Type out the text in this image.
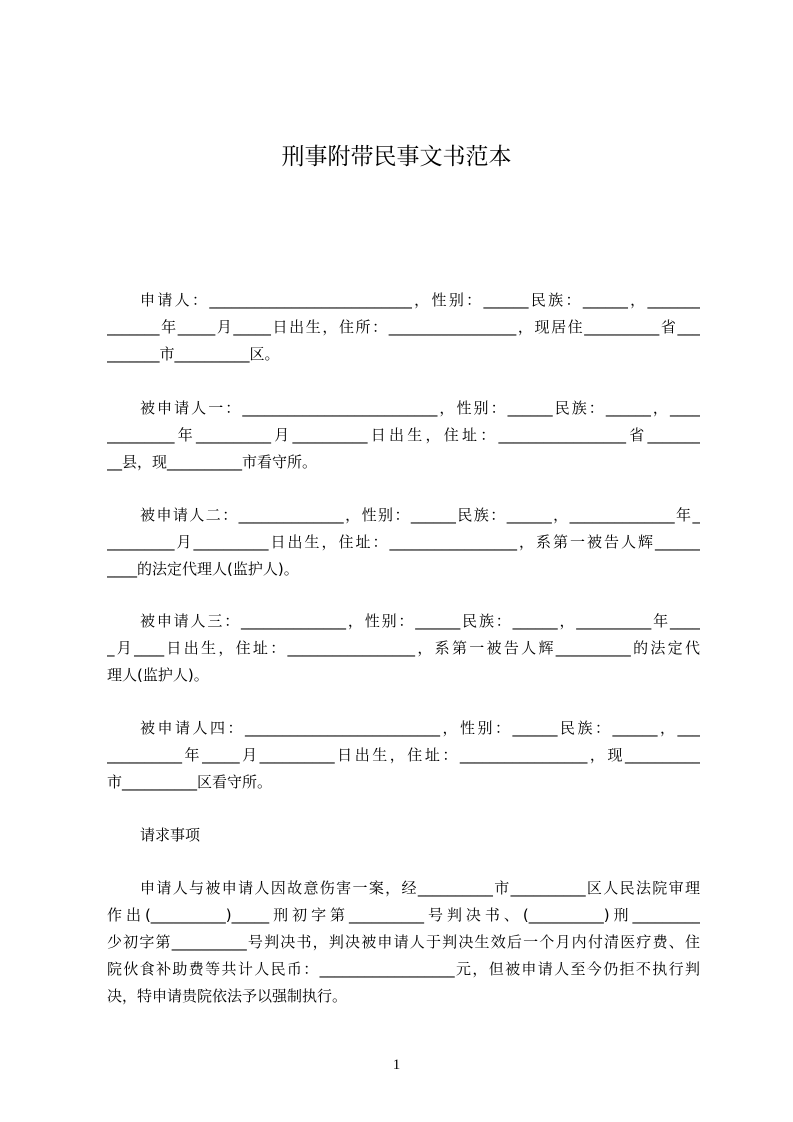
刑事附带民事文书范本
申请人：___________________________，性别：______民族：______，_______
_______年_____月_____日出生，住所：_________________，现居住__________省___
_______市__________区。
被申请人一：__________________________，性别：______民族：______，____
_________年__________月__________日出生，住址：_________________省_______
__县，现__________市看守所。
被申请人二：______________，性别：______民族：______，______________年_
_________月__________日出生，住址：_________________，系第一被告人辉______
____的法定代理人(监护人)。
被申请人三：______________，性别：______民族：______，__________年____
_月____日出生，住址：_________________，系第一被告人辉__________的法定代
理人(监护人)。
被申请人四：__________________________，性别：______民族：______，___
__________年_____月__________日出生，住址：_________________，现__________
市__________区看守所。
请求事项
申请人与被申请人因故意伤害一案，经__________市__________区人民法院审理
作出(__________)_____刑初字第__________号判决书、(__________)刑_________
少初字第__________号判决书，判决被申请人于判决生效后一个月内付清医疗费、住
院伙食补助费等共计人民币：__________________元，但被申请人至今仍拒不执行判
决，特申请贵院依法予以强制执行。
1
